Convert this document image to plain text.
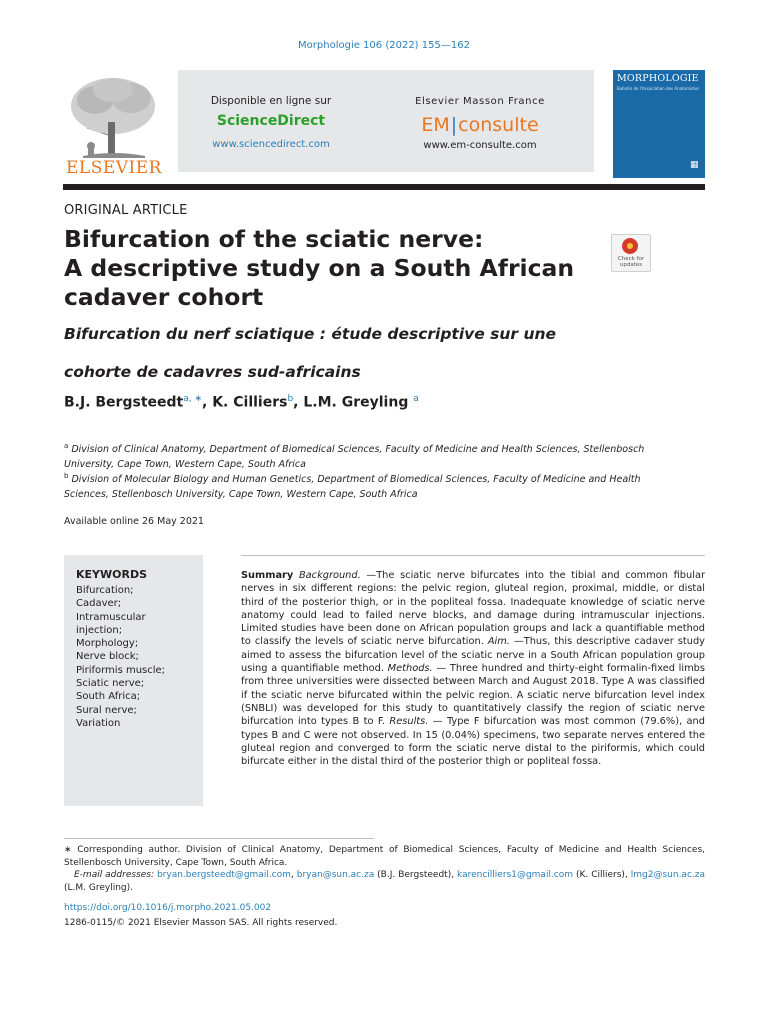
Morphologie 106 (2022) 155—162
ELSEVIER
Disponible en ligne sur
ScienceDirect
www.sciencedirect.com
Elsevier Masson France
EM|consulte
www.em-consulte.com
MORPHOLOGIE
Bulletin de l'Association des Anatomistes
▦
ORIGINAL ARTICLE
Bifurcation of the sciatic nerve:
A descriptive study on a South African
cadaver cohort
Bifurcation du nerf sciatique : étude descriptive sur une
cohorte de cadavres sud-africains
Check for
updates
B.J. Bergsteedt$^{a, ∗}$, K. Cilliers$^b$, L.M. Greyling $^a$
$^a$ Division of Clinical Anatomy, Department of Biomedical Sciences, Faculty of Medicine and Health Sciences, Stellenbosch University, Cape Town, Western Cape, South Africa
$^b$ Division of Molecular Biology and Human Genetics, Department of Biomedical Sciences, Faculty of Medicine and Health Sciences, Stellenbosch University, Cape Town, Western Cape, South Africa
Available online 26 May 2021
KEYWORDS
Bifurcation;
Cadaver;
Intramuscular
injection;
Morphology;
Nerve block;
Piriformis muscle;
Sciatic nerve;
South Africa;
Sural nerve;
Variation
Summary Background. —The sciatic nerve bifurcates into the tibial and common fibular nerves in six different regions: the pelvic region, gluteal region, proximal, middle, or distal third of the posterior thigh, or in the popliteal fossa. Inadequate knowledge of sciatic nerve anatomy could lead to failed nerve blocks, and damage during intramuscular injections. Limited studies have been done on African population groups and lack a quantifiable method to classify the levels of sciatic nerve bifurcation. Aim. —Thus, this descriptive cadaver study aimed to assess the bifurcation level of the sciatic nerve in a South African population group using a quantifiable method. Methods. — Three hundred and thirty-eight formalin-fixed limbs from three universities were dissected between March and August 2018. Type A was classified if the sciatic nerve bifurcated within the pelvic region. A sciatic nerve bifurcation level index (SNBLI) was developed for this study to quantitatively classify the region of sciatic nerve bifurcation into types B to F. Results. — Type F bifurcation was most common (79.6%), and types B and C were not observed. In 15 (0.04%) specimens, two separate nerves entered the gluteal region and converged to form the sciatic nerve distal to the piriformis, which could bifurcate either in the distal third of the posterior thigh or popliteal fossa.
∗ Corresponding author. Division of Clinical Anatomy, Department of Biomedical Sciences, Faculty of Medicine and Health Sciences, Stellenbosch University, Cape Town, South Africa.
E-mail addresses: bryan.bergsteedt@gmail.com, bryan@sun.ac.za (B.J. Bergsteedt), karencilliers1@gmail.com (K. Cilliers), lmg2@sun.ac.za (L.M. Greyling).
https://doi.org/10.1016/j.morpho.2021.05.002
1286-0115/© 2021 Elsevier Masson SAS. All rights reserved.
